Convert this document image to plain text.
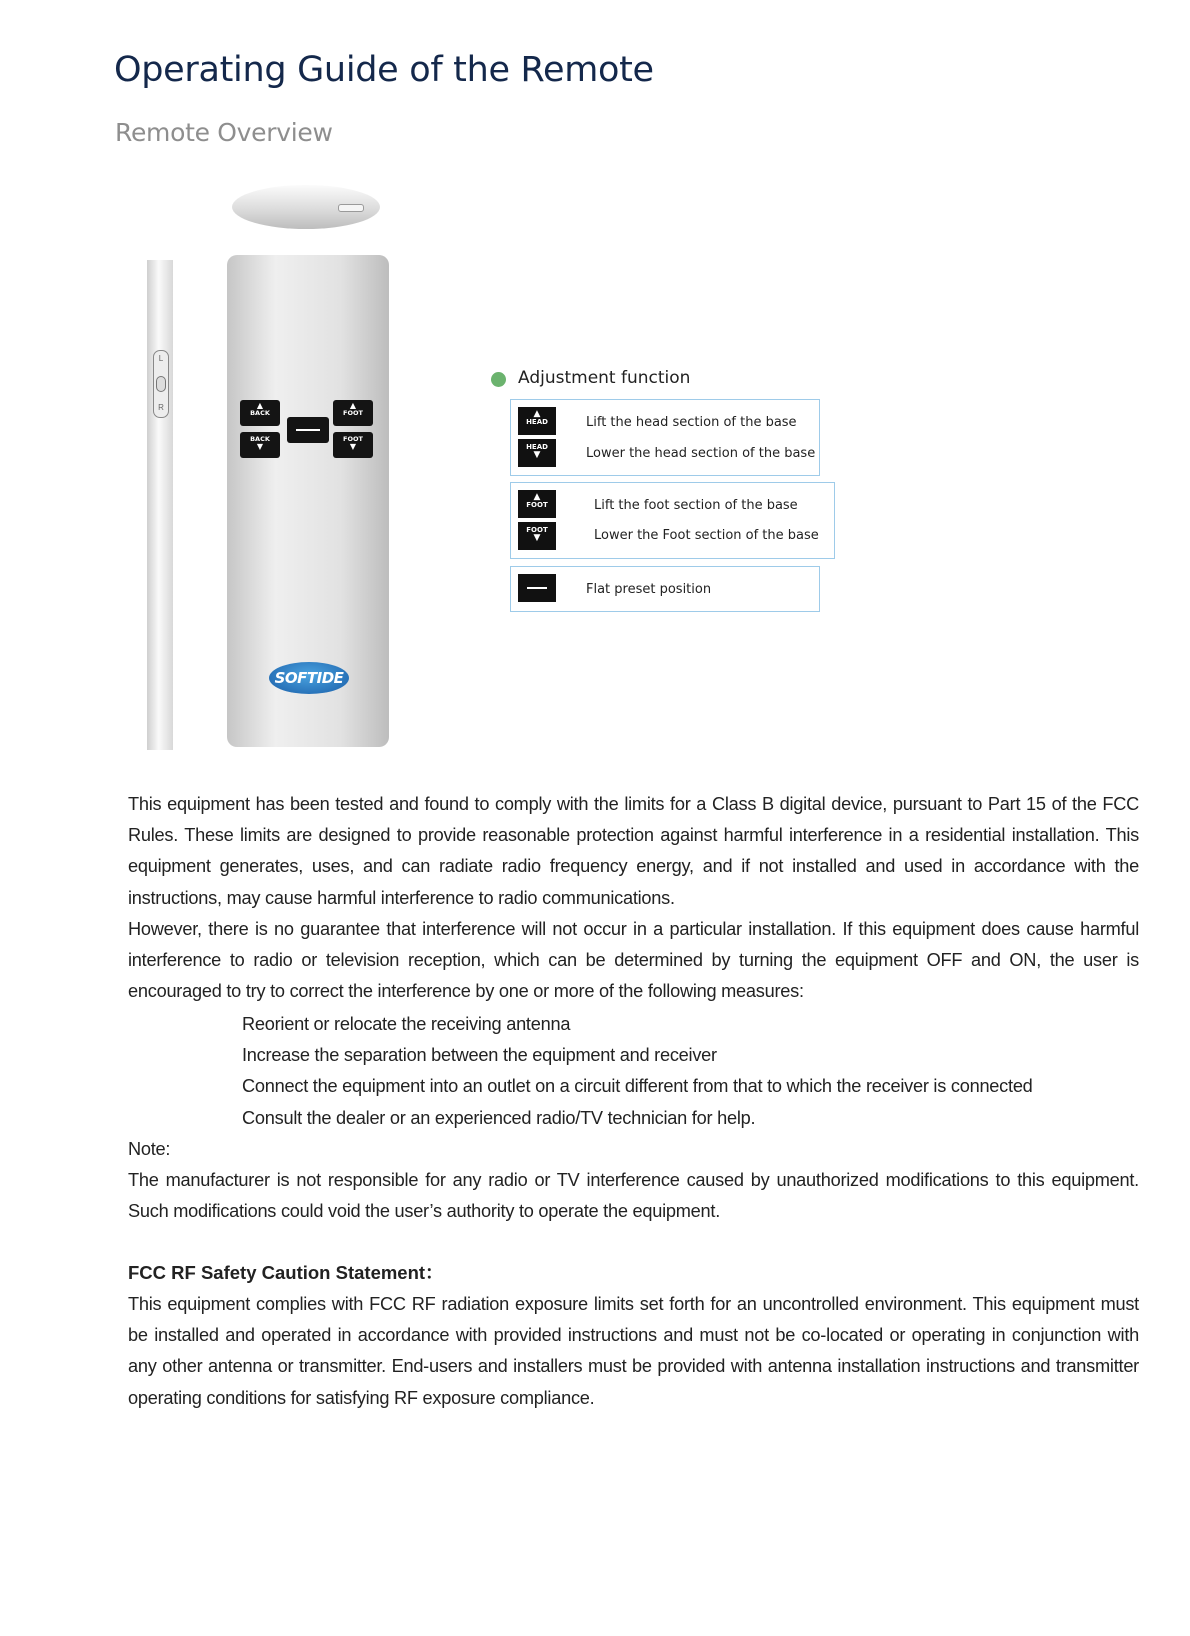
Operating Guide of the Remote
Remote Overview
L
R	▲
BACK
BACK
▼
▲
FOOT
FOOT
▼
SOFTIDE
Adjustment function
▲
HEAD	Lift the head section of the base
HEAD
▼	Lower the head section of the base
▲
FOOT	Lift the foot section of the base
FOOT
▼	Lower the Foot section of the base
Flat preset position

This equipment has been tested and found to comply with the limits for a Class B digital device, pursuant to Part 15 of the FCC Rules. These limits are designed to provide reasonable protection against harmful interference in a residential installation. This equipment generates, uses, and can radiate radio frequency energy, and if not installed and used in accordance with the instructions, may cause harmful interference to radio communications.

However, there is no guarantee that interference will not occur in a particular installation. If this equipment does cause harmful interference to radio or television reception, which can be determined by turning the equipment OFF and ON, the user is encouraged to try to correct the interference by one or more of the following measures:

Reorient or relocate the receiving antenna
Increase the separation between the equipment and receiver
Connect the equipment into an outlet on a circuit different from that to which the receiver is connected
Consult the dealer or an experienced radio/TV technician for help.

Note:

The manufacturer is not responsible for any radio or TV interference caused by unauthorized modifications to this equipment. Such modifications could void the user’s authority to operate the equipment.

FCC RF Safety Caution Statement：

This equipment complies with FCC RF radiation exposure limits set forth for an uncontrolled environment. This equipment must be installed and operated in accordance with provided instructions and must not be co-located or operating in conjunction with any other antenna or transmitter. End-users and installers must be provided with antenna installation instructions and transmitter operating conditions for satisfying RF exposure compliance.
